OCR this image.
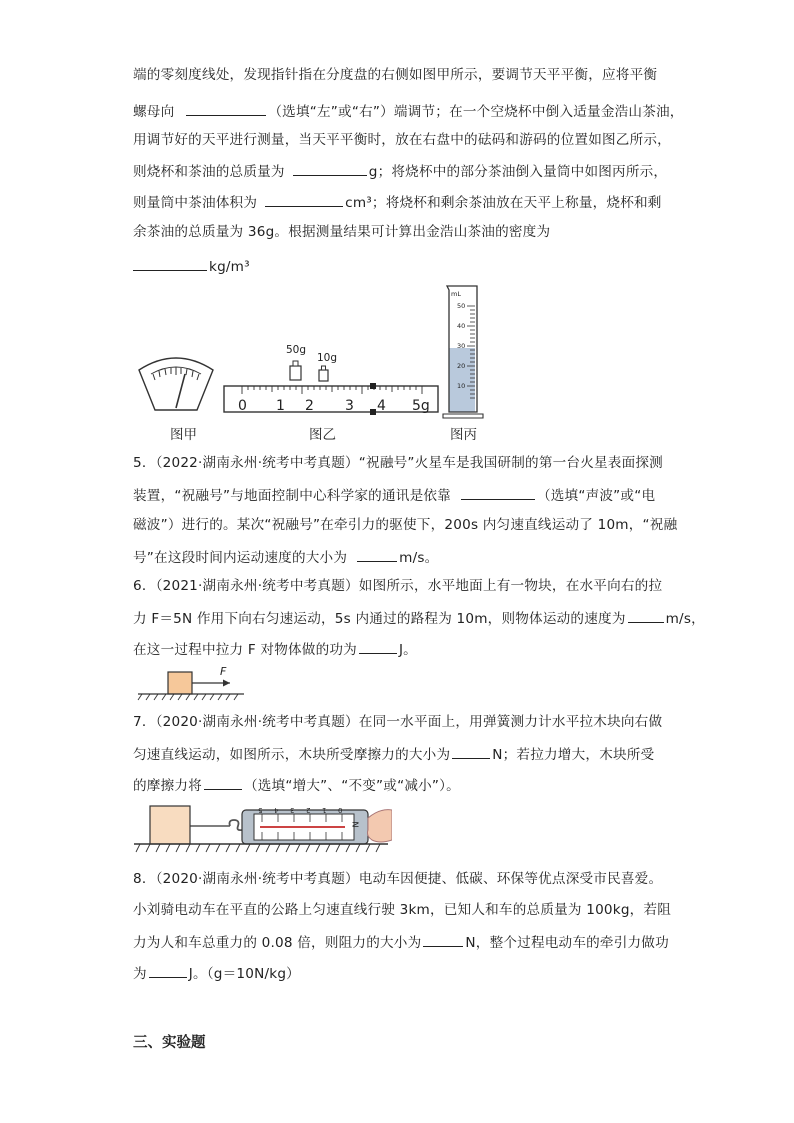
端的零刻度线处，发现指针指在分度盘的右侧如图甲所示，要调节天平平衡，应将平衡
螺母向	（选填“左”或“右”）端调节；在一个空烧杯中倒入适量金浩山茶油，
用调节好的天平进行测量，当天平平衡时，放在右盘中的砝码和游码的位置如图乙所示，
则烧杯和茶油的总质量为	g；将烧杯中的部分茶油倒入量筒中如图丙所示，
则量筒中茶油体积为	cm³；将烧杯和剩余茶油放在天平上称量，烧杯和剩
余茶油的总质量为 36g。根据测量结果可计算出金浩山茶油的密度为
kg/m³
图甲
50g
10g
0 1 2 3 4 5g
图乙
mL
50
40
30
20
10
图丙
5．（2022·湖南永州·统考中考真题）“祝融号”火星车是我国研制的第一台火星表面探测
装置，“祝融号”与地面控制中心科学家的通讯是依靠	（选填“声波”或“电
磁波”）进行的。某次“祝融号”在牵引力的驱使下，200s 内匀速直线运动了 10m，“祝融
号”在这段时间内运动速度的大小为	m/s。
6．（2021·湖南永州·统考中考真题）如图所示，水平地面上有一物块，在水平向右的拉
力 F＝5N 作用下向右匀速运动，5s 内通过的路程为 10m，则物体运动的速度为	m/s，
在这一过程中拉力 F 对物体做的功为	J。
F
7．（2020·湖南永州·统考中考真题）在同一水平面上，用弹簧测力计水平拉木块向右做
匀速直线运动，如图所示，木块所受摩擦力的大小为	N；若拉力增大，木块所受
的摩擦力将	（选填“增大”、“不变”或“减小”）。
5 4 3 2 1 0
N
8．（2020·湖南永州·统考中考真题）电动车因便捷、低碳、环保等优点深受市民喜爱。
小刘骑电动车在平直的公路上匀速直线行驶 3km，已知人和车的总质量为 100kg，若阻
力为人和车总重力的 0.08 倍，则阻力的大小为	N，整个过程电动车的牵引力做功
为	J。（g＝10N/kg）
三、实验题
